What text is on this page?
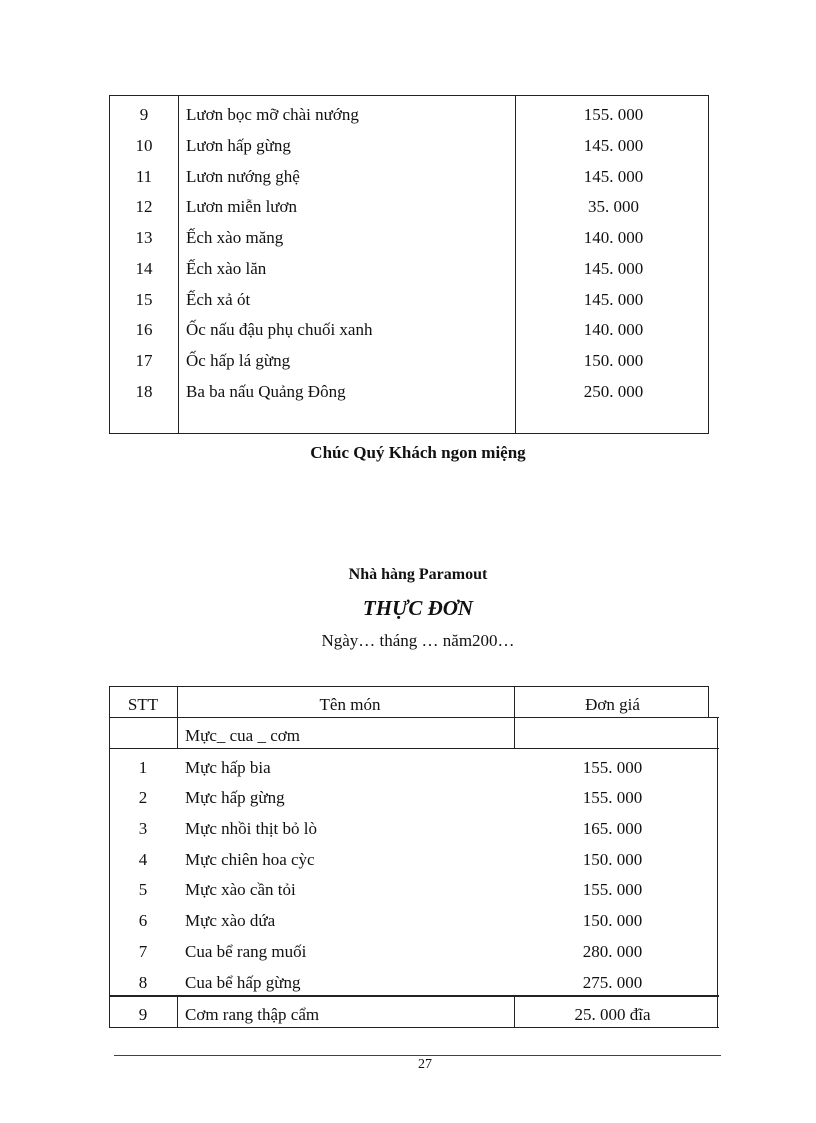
9	Lươn bọc mỡ chài nướng	155. 000
10	Lươn hấp gừng	145. 000
11	Lươn nướng ghệ	145. 000
12	Lươn miễn lươn	35. 000
13	Ếch xào măng	140. 000
14	Ếch xào lăn	145. 000
15	Ếch xả ót	145. 000
16	Ốc nấu đậu phụ chuối xanh	140. 000
17	Ốc hấp lá gừng	150. 000
18	Ba ba nấu Quảng Đông	250. 000
Chúc Quý Khách ngon miệng
Nhà hàng Paramout
THỰC ĐƠN
Ngày… tháng … năm200…
STT	Tên món	Đơn giá
Mực_ cua _ cơm
1	Mực hấp bia	155. 000
2	Mực hấp gừng	155. 000
3	Mực nhồi thịt bỏ lò	165. 000
4	Mực chiên hoa cỳc	150. 000
5	Mực xào cần tỏi	155. 000
6	Mực xào dứa	150. 000
7	Cua bể rang muối	280. 000
8	Cua bể hấp gừng	275. 000
9	Cơm rang thập cẩm	25. 000 đĩa
27
